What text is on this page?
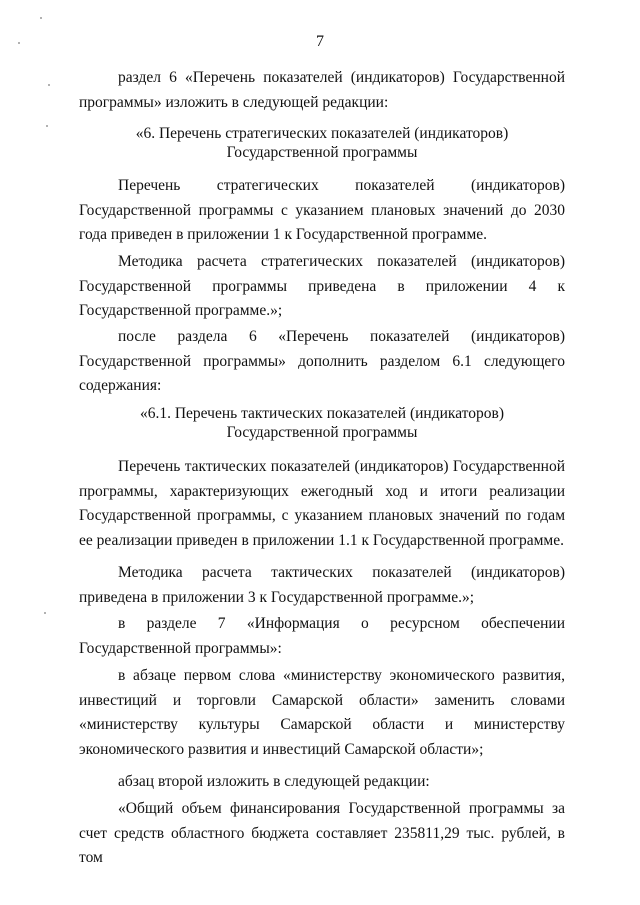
7

раздел 6 «Перечень показателей (индикаторов) Государственной программы» изложить в следующей редакции:

«6. Перечень стратегических показателей (индикаторов)

Государственной программы

Перечень стратегических показателей (индикаторов) Государственной программы с указанием плановых значений до 2030 года приведен в приложении 1 к Государственной программе.

Методика расчета стратегических показателей (индикаторов) Государственной программы приведена в приложении 4 к Государственной программе.»;

после раздела 6 «Перечень показателей (индикаторов) Государственной программы» дополнить разделом 6.1 следующего содержания:

«6.1. Перечень тактических показателей (индикаторов)

Государственной программы

Перечень тактических показателей (индикаторов) Государственной программы, характеризующих ежегодный ход и итоги реализации Государственной программы, с указанием плановых значений по годам ее реализации приведен в приложении 1.1 к Государственной программе.

Методика расчета тактических показателей (индикаторов) приведена в приложении 3 к Государственной программе.»;

в разделе 7 «Информация о ресурсном обеспечении Государственной программы»:

в абзаце первом слова «министерству экономического развития, инвестиций и торговли Самарской области» заменить словами «министерству культуры Самарской области и министерству экономического развития и инвестиций Самарской области»;

абзац второй изложить в следующей редакции:

«Общий объем финансирования Государственной программы за счет средств областного бюджета составляет 235811,29 тыс. рублей, в том
